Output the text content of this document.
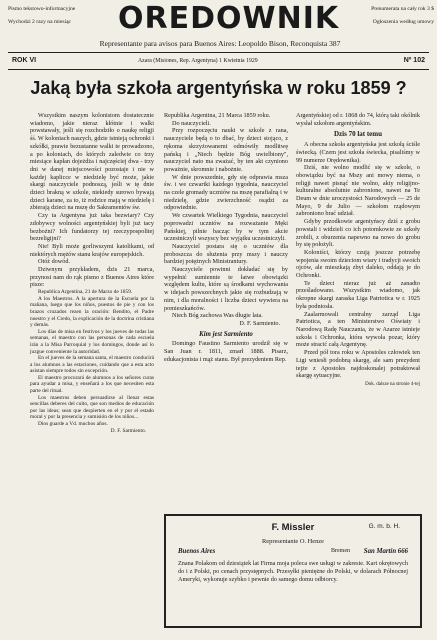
Pismo tekstowo-informacyjne
Wychodzi 2 razy na miesiąc	OREDOWNIK	Prenumerata na cały rok 3 $
Ogłoszenia według umowy
Representante para avisos para Buenos Aires: Leopoldo Bison, Reconquista 387
ROK VI	Azara (Misiones, Rep. Argentyna) 1 Kwietnia 1929	Nº 102
Jaką była szkoła argentyńska w roku 1859 ?

Wszystkim naszym kolonistom dostatecznie wiadomo, jakie nieraz kłótnie i walki powstawały, jeśli się rozchodziło o naukę religji śś. W koloniach naszych, gdzie istnieją ochronki i szkółki, prawie bezustanne walki te prowadzono, a po koloniach, do których zaledwie co trzy miesiące kapłan dojeżdża i najczęściej dwa - trzy dni w danej miejscowości pozostaje i nie w każdej kaplicce w niedzielę być może, jakie skargi nauczyciele podnoszą, jeśli w tę dnie dzieci brakną w szkole, niekiedy surowo bywają dzieci karane, za to, iż rodzice mają w niedzielę i zbierają dzieci na mszę do Sakramentów św.

Czy ta Argentyna już taka bezwiary? Czy zdobywcy wolności argentyńskiej byli już tacy bezbożni? Ich fundatorzy tej rzeczypospolitej bezreligijni?

Nie! Byli może gorliwszymi katolikami, od niektórych mężów stanu krajów europejskich.

Otóż dowód.

Dziwnym przykładem, dzis 21 marca, przynosi nam do rąk pismo z Buenos Aires które pisze:

Republica Argentina, 21 de Marzo de 1859.

A los Maestros. A la apertura de la Escuela por la mañana, luego que los niños, puestos de pie y con los brazos cruzados rezen la oración: Bendito, el Padre nuestro y el Credo, la explicación de la doctrina cristiana y demás.

Los días de misa en festivos y los jueves de todas las semanas, el maestro con las personas de cada escuela irán a la Misa Parroquial y los domingos, donde así lo juzgue conveniente la autoridad.

En el jueves de la semana santa, el maestro conducirá a los alumnos a las estaciones, cuidando que a esta acto asistan siempre todos sin excepción.

El maestro procurará de alumnos a los señores curas para ayudar a misa, y enseñará a los que necesiten esta parte del ritual.

Los maestros deben persuadirse al llenar estas sencillas deberes del culto, que son medios de educación por las ideas; sean que despierten en el y por el estado moral y por la presencia y sumisión de los niños...

Dios guarde a Vd. muchos años.

D. F. Sarmiento.

Republika Argentina, 21 Marca 1859 roku.

Do nauczycieli.

Przy rozpoczęciu nauki w szkole z rana, nauczyciele będą o to dbać, by dzieci stojąco, z rękoma skrzyżowanemi odmówiły modlitwę pańską i „Niech będzie Bóg uwielbiony", nauczyciel nato ma zważać, by ten akt czyniono poważnie, skromnie i nabożnie.

W dnie powszednie, gdy się odprawia msza św. i we czwartki każdego tygodnia, nauczyciel na czele gromady uczniów na mszę parafialną i w niedzielę, gdzie zwierzchność osądzi za odpowiednie.

We czwartek Wielkiego Tygodnia, nauczyciel poprowadzi uczniów na rozważanie Męki Pańskiej, pilnie bacząc by w tym akcie uczestniczyli wszyscy bez wyjątku uczestniczyli.

Nauczyciel postara się o uczniów dla proboszcza do służenia przy mszy i nauczy bardziej potężnych Ministrantury.

Nauczyciele powinni dokładać się by wypełnić sumiennie te łatwe obowiązki względem kultu, które są środkami wychowania w idejach powszechnych jakie się rozbudzają w nim, i dla moralności i liczba dzieci wywiera na pomieszkańców.

Niech Bóg zachowa Was długie lata.

D. F. Sarmiento.

Kim jest Sarmiento

Domingo Faustino Sarmiento urodził się w San Juan r. 1811, zmarł 1888. Pisarz, edukacjonista i mąż stanu. Był prezydentem Rep.

Argentyńskiej od r. 1868 do 74, którą taki okólnik wysłał szkołom argentyńskim.

Dzis 70 lat temu

A obecna szkoła argentyńska jest szkołą ściśle świecką. (Czem jest szkoła świecka, pisaliśmy w 99 numerze Orędownika).

Dziś, nie wolno modlić się w szkole, o obowiązku być na Mszy ani mowy niema, o religji nawet pisnąć nie wolno, akty religijno-kulturalne absolutnie zabronione, nawet na Te Deum w dnie uroczystości Narodowych — 25 de Mayo, 9 de Julio — szkołom rządowym zabroniono brać udział.

Gdyby przodkowie argentyńscy dziś z grobu powstali i widzieli co ich potomkowie ze szkoły zrobili, z oburzenia napewno na nowo do grobu by się położyli.

Koloniści, którzy czują jeszcze potrzebę wpojenia swoim dzieciom wiary i tradycji swoich ojców, ale mieszkają zbyt daleko, oddają je do Ochronki.

Te dzieci nieraz już aż zanadto prześladowano. Wszystkim wiadomo, jak okropne skargi zaraska Liga Patriotica w r. 1925 była podniosła.

Zaalarmowali centralny zarząd Liga Patriotica, a ten Ministerstwo Oświaty i Narodową Radę Nauczania, że w Azarze istnieje szkoła i Ochronka, która wywoła pozar, który może stracić całą Argentynę.

Przed pół tora roku w Apostoles człowiek ten Ligi wniesłi podobną skargę, ale sam prezydent tejże z Apostoles najdoskonalej potraktował skargę sytuacyjne.

Dok. dalsze na stronie 4-tej
F. Missler	G. m. b. H.
Representante O. Henze
Buenos Aires	Bremen San Martín 666
Znana Polakom od dziesiątek lat Firma moja poleca swe usługi w zakresie. Kart okrętowych do i z Polski, po cenach przystępnych. Przesyłki pieniężne do Polski, w dolarach Północnej Ameryki, wykonuje szybko i pewnie do samego domu odbiorcy.
